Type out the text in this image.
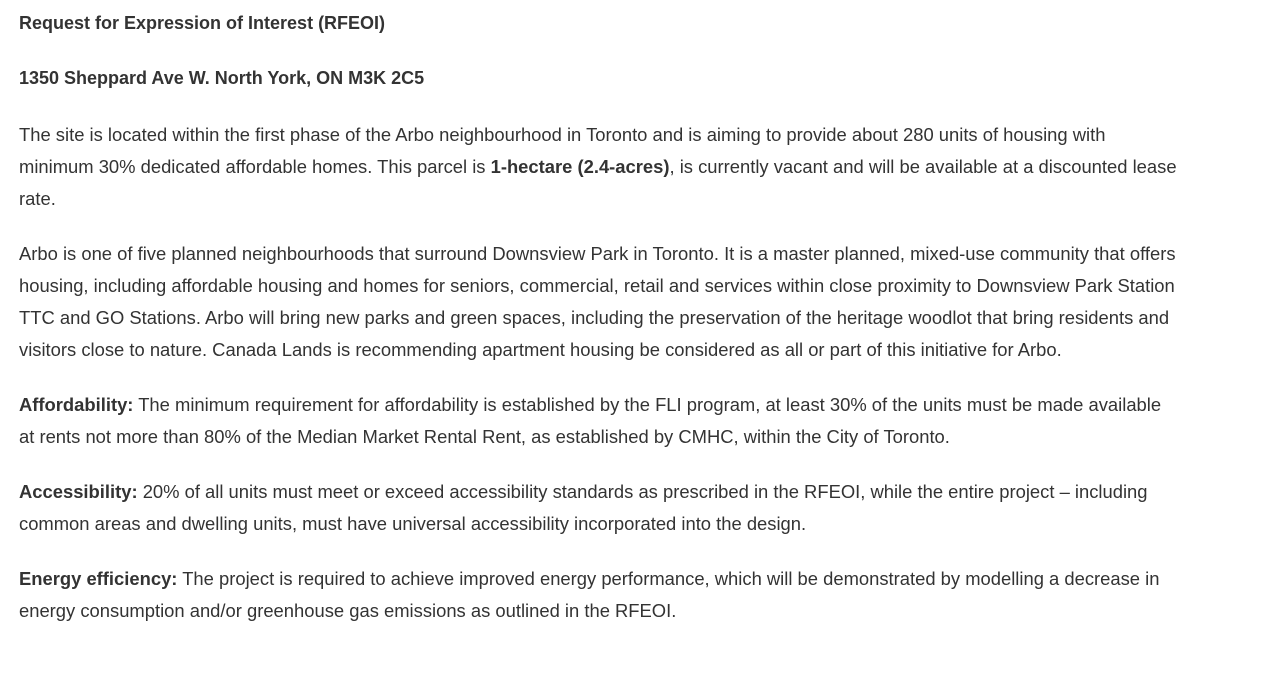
Request for Expression of Interest (RFEOI)

1350 Sheppard Ave W. North York, ON M3K 2C5

The site is located within the first phase of the Arbo neighbourhood in Toronto and is aiming to provide about 280 units of housing with minimum 30% dedicated affordable homes. This parcel is 1-hectare (2.4-acres), is currently vacant and will be available at a discounted lease rate.

Arbo is one of five planned neighbourhoods that surround Downsview Park in Toronto. It is a master planned, mixed-use community that offers housing, including affordable housing and homes for seniors, commercial, retail and services within close proximity to Downsview Park Station TTC and GO Stations. Arbo will bring new parks and green spaces, including the preservation of the heritage woodlot that bring residents and visitors close to nature. Canada Lands is recommending apartment housing be considered as all or part of this initiative for Arbo.

Affordability: The minimum requirement for affordability is established by the FLI program, at least 30% of the units must be made available at rents not more than 80% of the Median Market Rental Rent, as established by CMHC, within the City of Toronto.

Accessibility: 20% of all units must meet or exceed accessibility standards as prescribed in the RFEOI, while the entire project – including common areas and dwelling units, must have universal accessibility incorporated into the design.

Energy efficiency: The project is required to achieve improved energy performance, which will be demonstrated by modelling a decrease in energy consumption and/or greenhouse gas emissions as outlined in the RFEOI.
